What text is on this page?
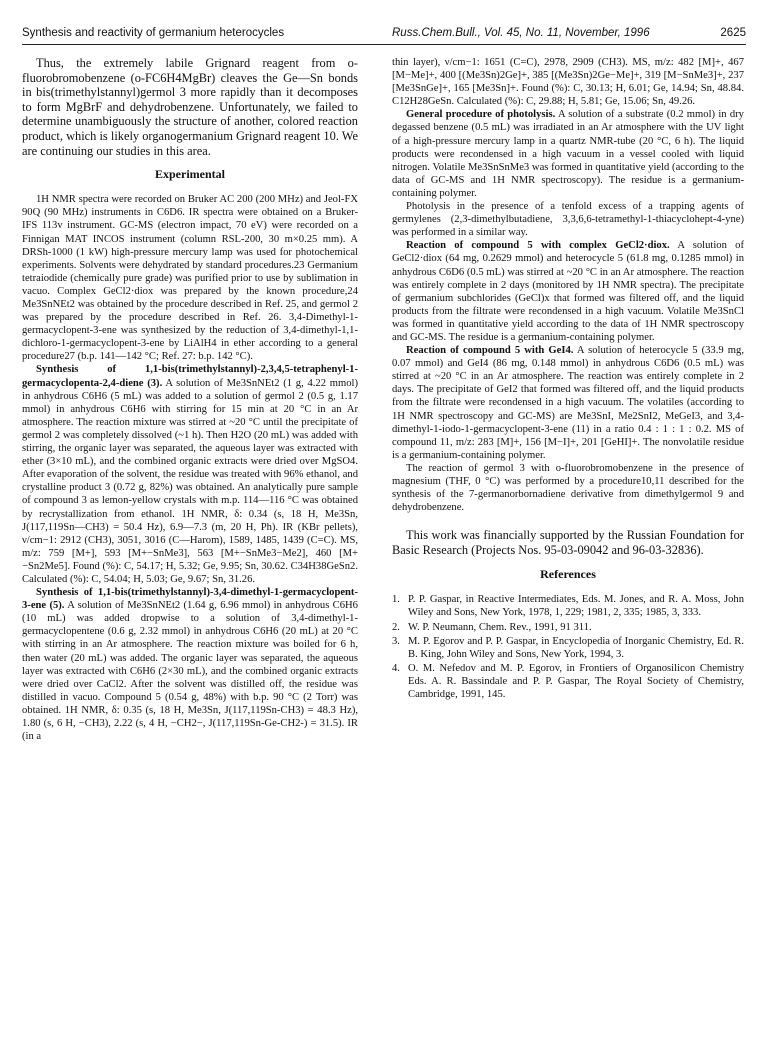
Synthesis and reactivity of germanium heterocycles	Russ.Chem.Bull., Vol. 45, No. 11, November, 1996	2625

Thus, the extremely labile Grignard reagent from o-fluorobromobenzene (o-FC6H4MgBr) cleaves the Ge—Sn bonds in bis(trimethylstannyl)germol 3 more rapidly than it decomposes to form MgBrF and dehydrobenzene. Unfortunately, we failed to determine unambiguously the structure of another, colored reaction product, which is likely organogermanium Grignard reagent 10. We are continuing our studies in this area.

Experimental

1H NMR spectra were recorded on Bruker AC 200 (200 MHz) and Jeol-FX 90Q (90 MHz) instruments in C6D6. IR spectra were obtained on a Bruker-IFS 113v instrument. GC-MS (electron impact, 70 eV) were recorded on a Finnigan MAT INCOS instrument (column RSL-200, 30 m×0.25 mm). A DRSh-1000 (1 kW) high-pressure mercury lamp was used for photochemical experiments. Solvents were dehydrated by standard procedures.23 Germanium tetraiodide (chemically pure grade) was purified prior to use by sublimation in vacuo. Complex GeCl2·diox was prepared by the known procedure,24 Me3SnNEt2 was obtained by the procedure described in Ref. 25, and germol 2 was prepared by the procedure described in Ref. 26. 3,4-Dimethyl-1-germacyclopent-3-ene was synthesized by the reduction of 3,4-dimethyl-1,1-dichloro-1-germacyclopent-3-ene by LiAlH4 in ether according to a general procedure27 (b.p. 141—142 °C; Ref. 27: b.p. 142 °C).

Synthesis of 1,1-bis(trimethylstannyl)-2,3,4,5-tetraphenyl-1-germacyclopenta-2,4-diene (3). A solution of Me3SnNEt2 (1 g, 4.22 mmol) in anhydrous C6H6 (5 mL) was added to a solution of germol 2 (0.5 g, 1.17 mmol) in anhydrous C6H6 with stirring for 15 min at 20 °C in an Ar atmosphere. The reaction mixture was stirred at ~20 °C until the precipitate of germol 2 was completely dissolved (~1 h). Then H2O (20 mL) was added with stirring, the organic layer was separated, the aqueous layer was extracted with ether (3×10 mL), and the combined organic extracts were dried over MgSO4. After evaporation of the solvent, the residue was treated with 96% ethanol, and crystalline product 3 (0.72 g, 82%) was obtained. An analytically pure sample of compound 3 as lemon-yellow crystals with m.p. 114—116 °C was obtained by recrystallization from ethanol. 1H NMR, δ: 0.34 (s, 18 H, Me3Sn, J(117,119Sn—CH3) = 50.4 Hz), 6.9—7.3 (m, 20 H, Ph). IR (KBr pellets), ν/cm−1: 2912 (CH3), 3051, 3016 (C—Harom), 1589, 1485, 1439 (C=C). MS, m/z: 759 [M+], 593 [M+−SnMe3], 563 [M+−SnMe3−Me2], 460 [M+−Sn2Me5]. Found (%): C, 54.17; H, 5.32; Ge, 9.95; Sn, 30.62. C34H38GeSn2. Calculated (%): C, 54.04; H, 5.03; Ge, 9.67; Sn, 31.26.

Synthesis of 1,1-bis(trimethylstannyl)-3,4-dimethyl-1-germacyclopent-3-ene (5). A solution of Me3SnNEt2 (1.64 g, 6.96 mmol) in anhydrous C6H6 (10 mL) was added dropwise to a solution of 3,4-dimethyl-1-germacyclopentene (0.6 g, 2.32 mmol) in anhydrous C6H6 (20 mL) at 20 °C with stirring in an Ar atmosphere. The reaction mixture was boiled for 6 h, then water (20 mL) was added. The organic layer was separated, the aqueous layer was extracted with C6H6 (2×30 mL), and the combined organic extracts were dried over CaCl2. After the solvent was distilled off, the residue was distilled in vacuo. Compound 5 (0.54 g, 48%) with b.p. 90 °C (2 Torr) was obtained. 1H NMR, δ: 0.35 (s, 18 H, Me3Sn, J(117,119Sn-CH3) = 48.3 Hz), 1.80 (s, 6 H, −CH3), 2.22 (s, 4 H, −CH2−, J(117,119Sn-Ge-CH2-) = 31.5). IR (in a

thin layer), ν/cm−1: 1651 (C=C), 2978, 2909 (CH3). MS, m/z: 482 [M]+, 467 [M−Me]+, 400 [(Me3Sn)2Ge]+, 385 [(Me3Sn)2Ge−Me]+, 319 [M−SnMe3]+, 237 [Me3SnGe]+, 165 [Me3Sn]+. Found (%): C, 30.13; H, 6.01; Ge, 14.94; Sn, 48.84. C12H28GeSn. Calculated (%): C, 29.88; H, 5.81; Ge, 15.06; Sn, 49.26.

General procedure of photolysis. A solution of a substrate (0.2 mmol) in dry degassed benzene (0.5 mL) was irradiated in an Ar atmosphere with the UV light of a high-pressure mercury lamp in a quartz NMR-tube (20 °C, 6 h). The liquid products were recondensed in a high vacuum in a vessel cooled with liquid nitrogen. Volatile Me3SnSnMe3 was formed in quantitative yield (according to the data of GC-MS and 1H NMR spectroscopy). The residue is a germanium-containing polymer.

Photolysis in the presence of a tenfold excess of a trapping agents of germylenes (2,3-dimethylbutadiene, 3,3,6,6-tetramethyl-1-thiacyclohept-4-yne) was performed in a similar way.

Reaction of compound 5 with complex GeCl2·diox. A solution of GeCl2·diox (64 mg, 0.2629 mmol) and heterocycle 5 (61.8 mg, 0.1285 mmol) in anhydrous C6D6 (0.5 mL) was stirred at ~20 °C in an Ar atmosphere. The reaction was entirely complete in 2 days (monitored by 1H NMR spectra). The precipitate of germanium subchlorides (GeCl)x that formed was filtered off, and the liquid products from the filtrate were recondensed in a high vacuum. Volatile Me3SnCl was formed in quantitative yield according to the data of 1H NMR spectroscopy and GC-MS. The residue is a germanium-containing polymer.

Reaction of compound 5 with GeI4. A solution of heterocycle 5 (33.9 mg, 0.07 mmol) and GeI4 (86 mg, 0.148 mmol) in anhydrous C6D6 (0.5 mL) was stirred at ~20 °C in an Ar atmosphere. The reaction was entirely complete in 2 days. The precipitate of GeI2 that formed was filtered off, and the liquid products from the filtrate were recondensed in a high vacuum. The volatiles (according to 1H NMR spectroscopy and GC-MS) are Me3SnI, Me2SnI2, MeGeI3, and 3,4-dimethyl-1-iodo-1-germacyclopent-3-ene (11) in a ratio 0.4 : 1 : 1 : 0.2. MS of compound 11, m/z: 283 [M]+, 156 [M−I]+, 201 [GeHI]+. The nonvolatile residue is a germanium-containing polymer.

The reaction of germol 3 with o-fluorobromobenzene in the presence of magnesium (THF, 0 °C) was performed by a procedure10,11 described for the synthesis of the 7-germanorbornadiene derivative from dimethylgermol 9 and dehydrobenzene.

This work was financially supported by the Russian Foundation for Basic Research (Projects Nos. 95-03-09042 and 96-03-32836).

References
1. P. P. Gaspar, in Reactive Intermediates, Eds. M. Jones, and R. A. Moss, John Wiley and Sons, New York, 1978, 1, 229; 1981, 2, 335; 1985, 3, 333.
2. W. P. Neumann, Chem. Rev., 1991, 91 311.
3. M. P. Egorov and P. P. Gaspar, in Encyclopedia of Inorganic Chemistry, Ed. R. B. King, John Wiley and Sons, New York, 1994, 3.
4. O. M. Nefedov and M. P. Egorov, in Frontiers of Organosilicon Chemistry Eds. A. R. Bassindale and P. P. Gaspar, The Royal Society of Chemistry, Cambridge, 1991, 145.
